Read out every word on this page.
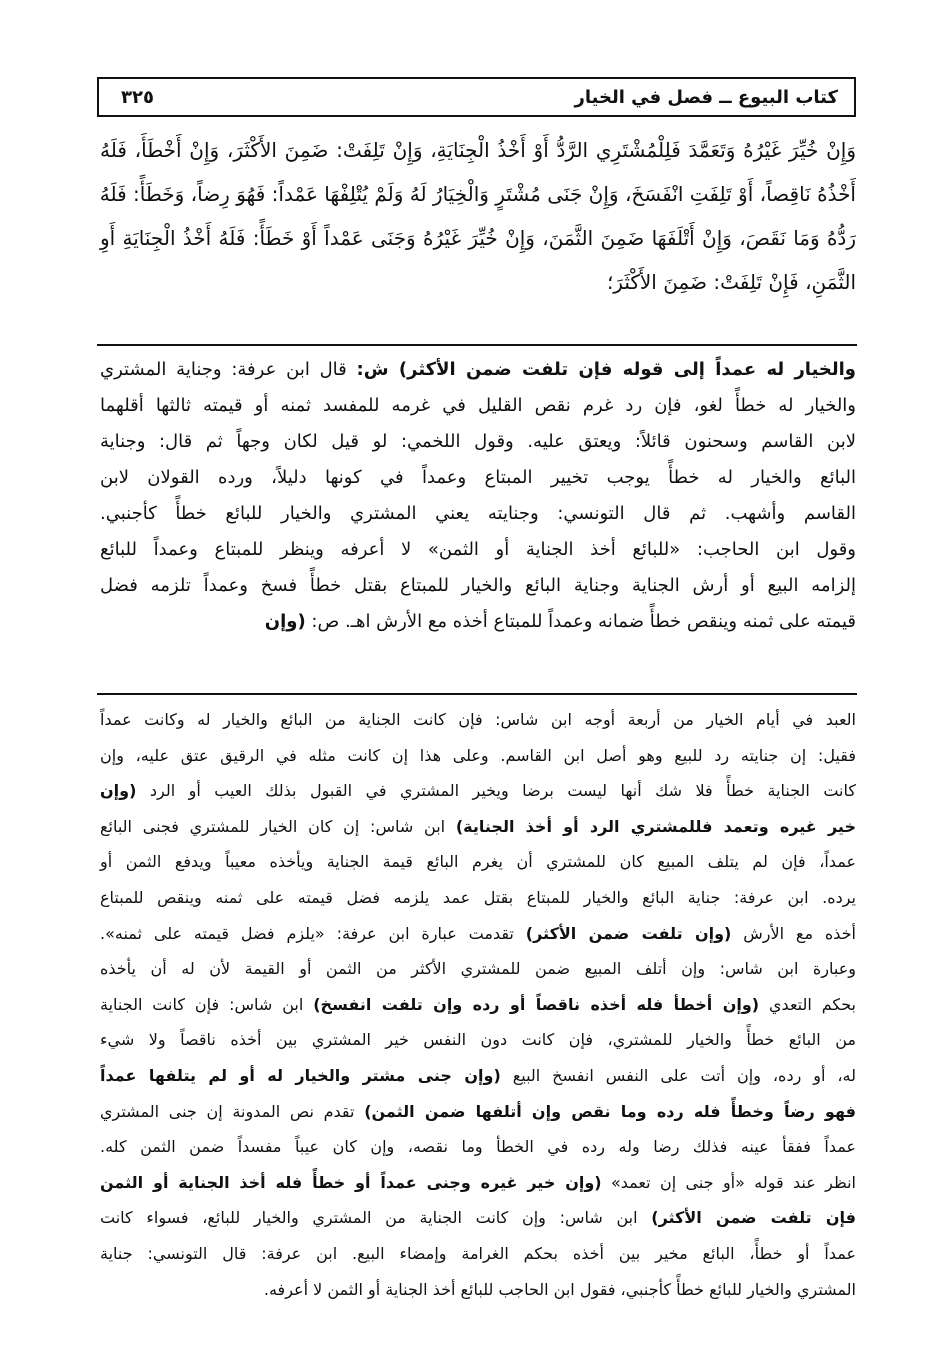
كتاب البيوع ــ فصل في الخيار
٣٢٥
وَإِنْ خُيِّرَ غَيْرُهُ وَتَعَمَّدَ فَلِلْمُشْتَرِي الرَّدُّ أَوْ أَخْذُ الْجِنَايَةِ، وَإِنْ تَلِفَتْ: ضَمِنَ الأَكْثَرَ، وَإِنْ أَخْطَأَ، فَلَهُ
أَخْذُهُ نَاقِصاً، أَوْ تَلِفَتِ انْفَسَخَ، وَإِنْ جَنَى مُشْتَرٍ وَالْخِيَارُ لَهُ وَلَمْ يُتْلِفْهَا عَمْداً: فَهُوَ رِضاً، وَخَطَأً: فَلَهُ
رَدُّهُ وَمَا نَقَصَ، وَإِنْ أَتْلَفَهَا ضَمِنَ الثَّمَنَ، وَإِنْ خُيِّرَ غَيْرُهُ وَجَنَى عَمْداً أَوْ خَطَأً: فَلَهُ أَخْذُ الْجِنَايَةِ أَوِ
الثَّمَنِ، فَإِنْ تَلِفَتْ: ضَمِنَ الأَكْثَرَ؛
والخيار له عمداً إلى قوله فإن تلفت ضمن الأكثر) ش: قال ابن عرفة: وجناية المشتري
والخيار له خطأً لغو، فإن رد غرم نقص القليل في غرمه للمفسد ثمنه أو قيمته ثالثها أقلهما
لابن القاسم وسحنون قائلاً: ويعتق عليه. وقول اللخمي: لو قيل لكان وجهاً ثم قال: وجناية
البائع والخيار له خطأً يوجب تخيير المبتاع وعمداً في كونها دليلاً، ورده القولان لابن
القاسم وأشهب. ثم قال التونسي: وجنايته يعني المشتري والخيار للبائع خطأً كأجنبي.
وقول ابن الحاجب: «للبائع أخذ الجناية أو الثمن» لا أعرفه وينظر للمبتاع وعمداً للبائع
إلزامه البيع أو أرش الجناية وجناية البائع والخيار للمبتاع بقتل خطأً فسخ وعمداً تلزمه فضل
قيمته على ثمنه وينقص خطأً ضمانه وعمداً للمبتاع أخذه مع الأرش اهـ. ص: (وإن
العبد في أيام الخيار من أربعة أوجه ابن شاس: فإن كانت الجناية من البائع والخيار له وكانت عمداً
فقيل: إن جنايته رد للبيع وهو أصل ابن القاسم. وعلى هذا إن كانت مثله في الرقيق عتق عليه، وإن
كانت الجناية خطأً فلا شك أنها ليست برضا ويخير المشتري في القبول بذلك العيب أو الرد (وإن
خير غيره وتعمد فللمشتري الرد أو أخذ الجناية) ابن شاس: إن كان الخيار للمشتري فجنى البائع
عمداً، فإن لم يتلف المبيع كان للمشتري أن يغرم البائع قيمة الجناية ويأخذه معيباً ويدفع الثمن أو
يرده. ابن عرفة: جناية البائع والخيار للمبتاع بقتل عمد يلزمه فضل قيمته على ثمنه وينقص للمبتاع
أخذه مع الأرش (وإن تلفت ضمن الأكثر) تقدمت عبارة ابن عرفة: «يلزم فضل قيمته على ثمنه».
وعبارة ابن شاس: وإن أتلف المبيع ضمن للمشتري الأكثر من الثمن أو القيمة لأن له أن يأخذه
بحكم التعدي (وإن أخطأ فله أخذه ناقصاً أو رده وإن تلفت انفسخ) ابن شاس: فإن كانت الجناية
من البائع خطأً والخيار للمشتري، فإن كانت دون النفس خير المشتري بين أخذه ناقصاً ولا شيء
له، أو رده، وإن أتت على النفس انفسخ البيع (وإن جنى مشتر والخيار له أو لم يتلفها عمداً
فهو رضاً وخطأً فله رده وما نقص وإن أتلفها ضمن الثمن) تقدم نص المدونة إن جنى المشتري
عمداً ففقأ عينه فذلك رضا وله رده في الخطأ وما نقصه، وإن كان عيباً مفسداً ضمن الثمن كله.
انظر عند قوله «أو جنى إن تعمد» (وإن خير غيره وجنى عمداً أو خطأً فله أخذ الجناية أو الثمن
فإن تلفت ضمن الأكثر) ابن شاس: وإن كانت الجناية من المشتري والخيار للبائع، فسواء كانت
عمداً أو خطأً، البائع مخير بين أخذه بحكم الغرامة وإمضاء البيع. ابن عرفة: قال التونسي: جناية
المشتري والخيار للبائع خطأً كأجنبي، فقول ابن الحاجب للبائع أخذ الجناية أو الثمن لا أعرفه.
